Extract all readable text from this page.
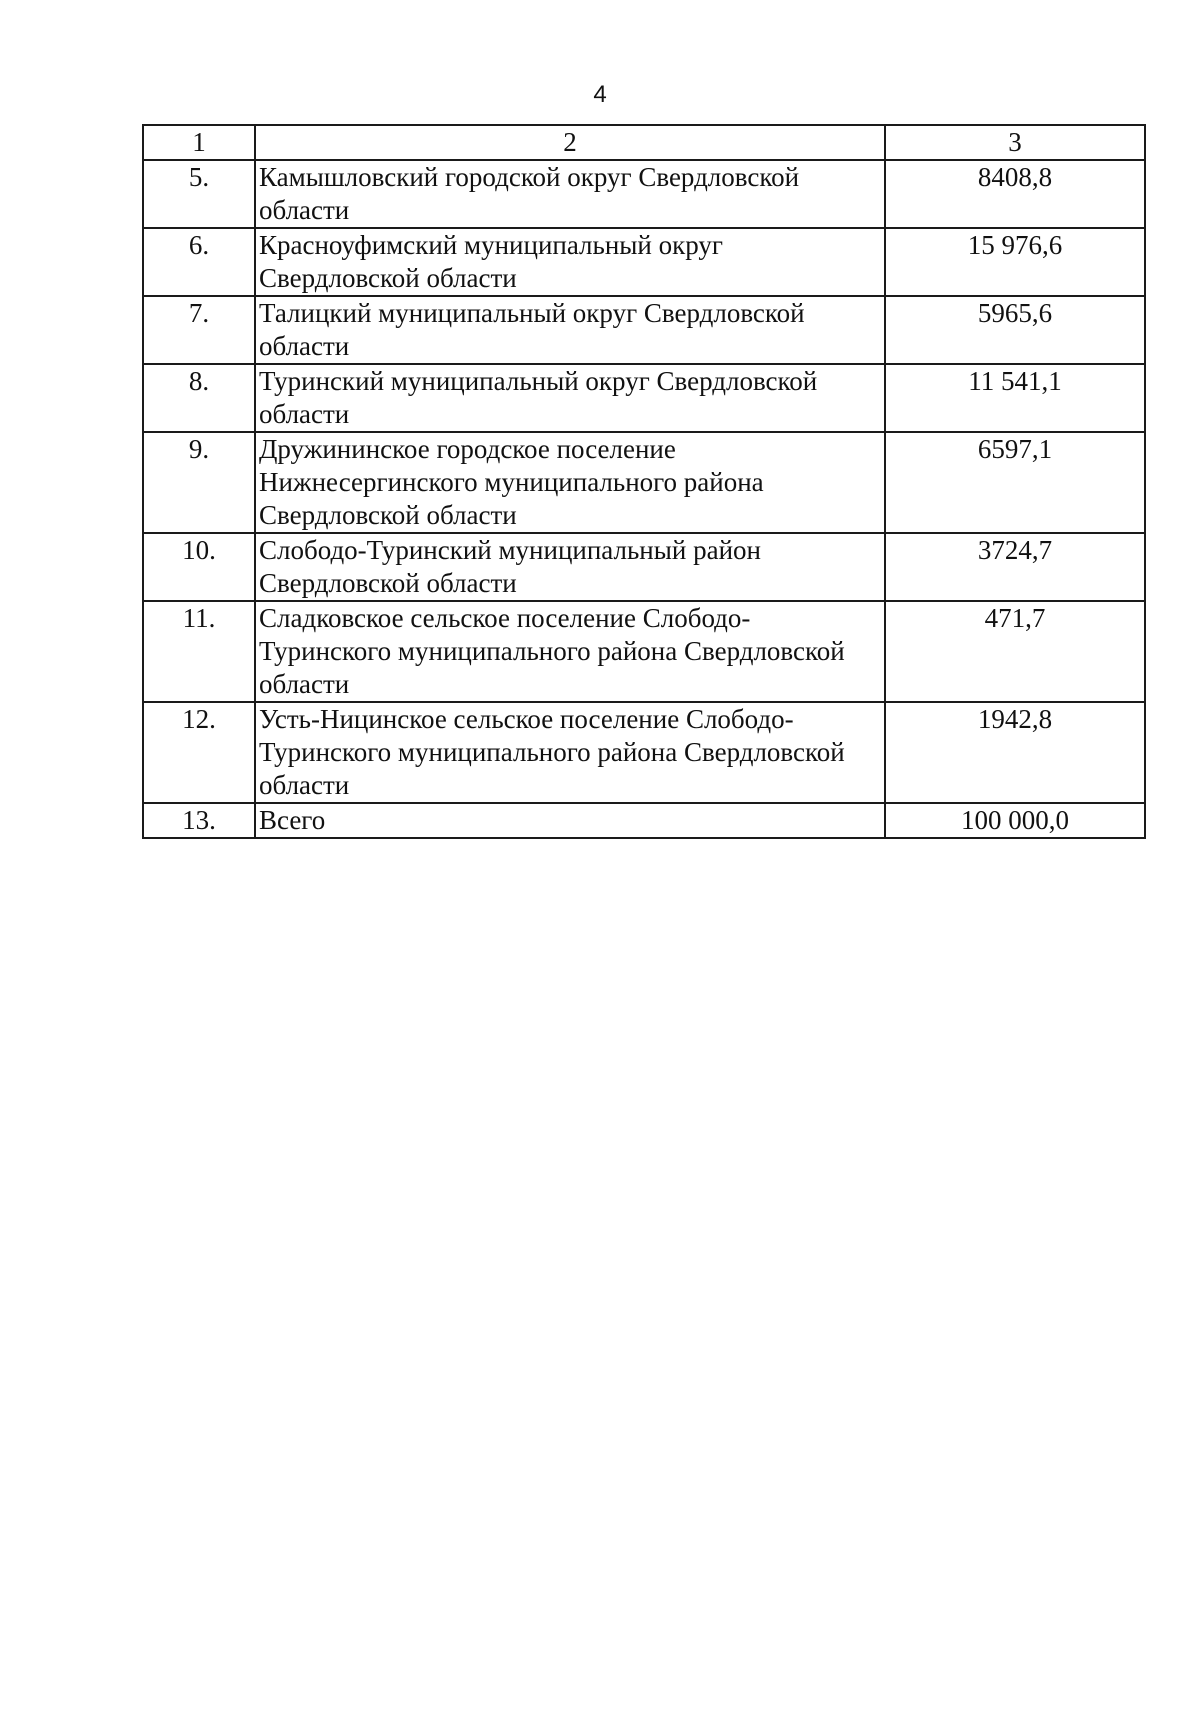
4
1	2	3
5.	Камышловский городской округ Свердловской области	8408,8
6.	Красноуфимский муниципальный округ Свердловской области	15 976,6
7.	Талицкий муниципальный округ Свердловской области	5965,6
8.	Туринский муниципальный округ Свердловской области	11 541,1
9.	Дружининское городское поселение Нижнесергинского муниципального района Свердловской области	6597,1
10.	Слободо-Туринский муниципальный район Свердловской области	3724,7
11.	Сладковское сельское поселение Слободо-Туринского муниципального района Свердловской области	471,7
12.	Усть-Ницинское сельское поселение Слободо-Туринского муниципального района Свердловской области	1942,8
13.	Всего	100 000,0
